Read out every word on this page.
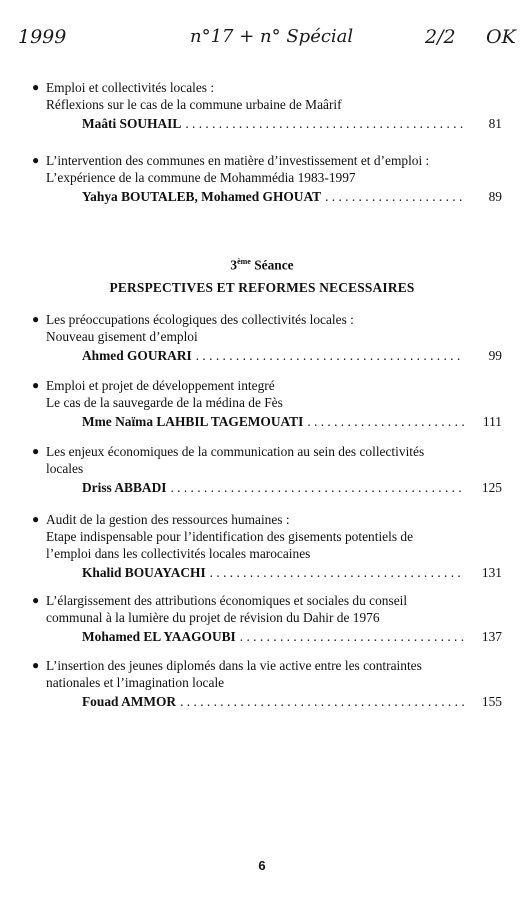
1999	n°17 + n° Spécial	2/2 OK
● Emploi et collectivités locales :
Réflexions sur le cas de la commune urbaine de Maârif
Maâti SOUHAIL . . .	81
● L’intervention des communes en matière d’investissement et d’emploi :
L’expérience de la commune de Mohammédia 1983-1997
Yahya BOUTALEB, Mohamed GHOUAT . . .	89
3ème Séance
PERSPECTIVES ET REFORMES NECESSAIRES
● Les préoccupations écologiques des collectivités locales :
Nouveau gisement d’emploi
Ahmed GOURARI . . .	99
● Emploi et projet de développement integré
Le cas de la sauvegarde de la médina de Fès
Mme Naïma LAHBIL TAGEMOUATI . . .	111
● Les enjeux économiques de la communication au sein des collectivités
locales
Driss ABBADI . . .	125
● Audit de la gestion des ressources humaines :
Etape indispensable pour l’identification des gisements potentiels de
l’emploi dans les collectivités locales marocaines
Khalid BOUAYACHI . . .	131
● L’élargissement des attributions économiques et sociales du conseil
communal à la lumière du projet de révision du Dahir de 1976
Mohamed EL YAAGOUBI . . .	137
● L’insertion des jeunes diplomés dans la vie active entre les contraintes
nationales et l’imagination locale
Fouad AMMOR . . .	155
6
